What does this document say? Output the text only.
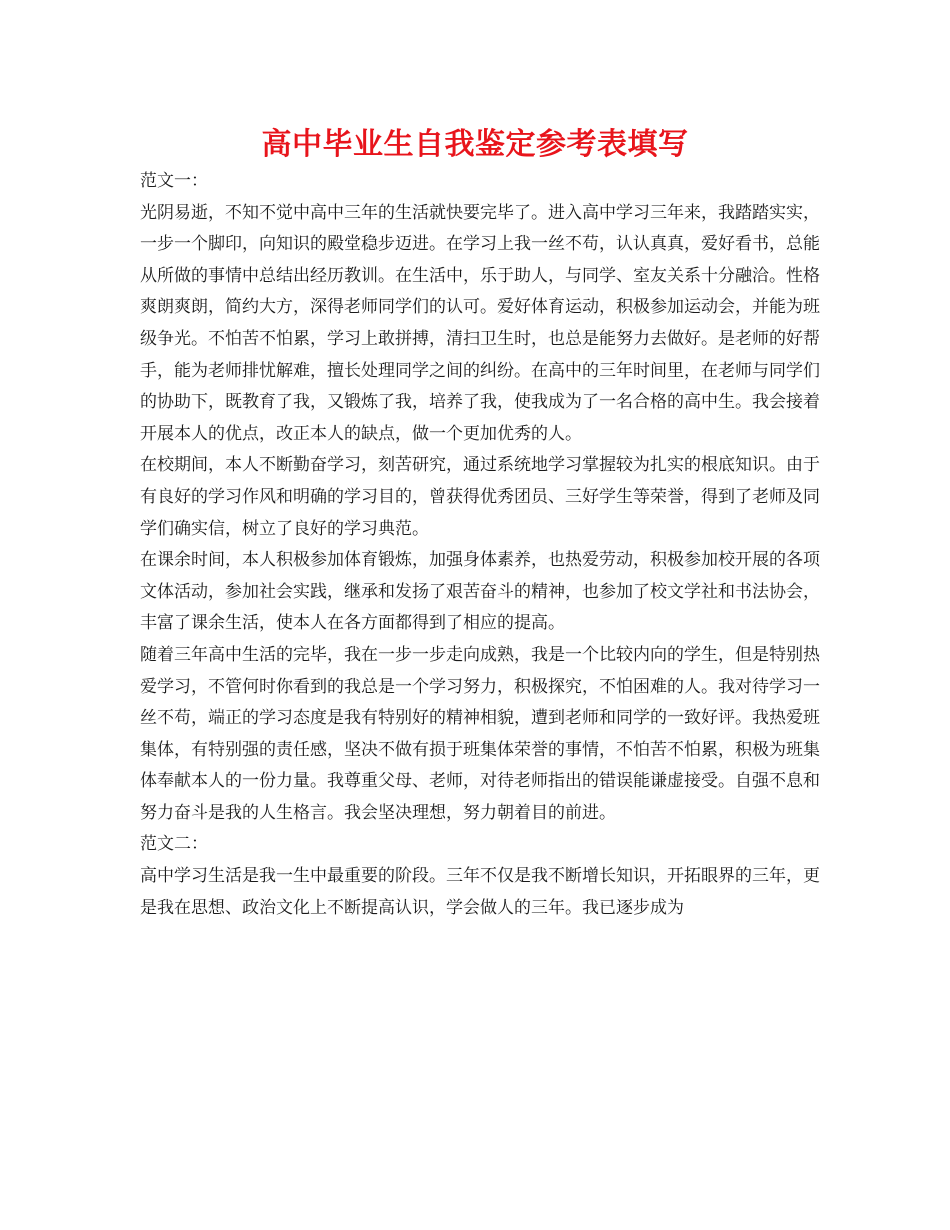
高中毕业生自我鉴定参考表填写

范文一：

光阴易逝，不知不觉中高中三年的生活就快要完毕了。进入高中学习三年来，我踏踏实实，一步一个脚印，向知识的殿堂稳步迈进。在学习上我一丝不苟，认认真真，爱好看书，总能从所做的事情中总结出经历教训。在生活中，乐于助人，与同学、室友关系十分融洽。性格爽朗爽朗，简约大方，深得老师同学们的认可。爱好体育运动，积极参加运动会，并能为班级争光。不怕苦不怕累，学习上敢拼搏，清扫卫生时，也总是能努力去做好。是老师的好帮手，能为老师排忧解难，擅长处理同学之间的纠纷。在高中的三年时间里，在老师与同学们的协助下，既教育了我，又锻炼了我，培养了我，使我成为了一名合格的高中生。我会接着开展本人的优点，改正本人的缺点，做一个更加优秀的人。

在校期间，本人不断勤奋学习，刻苦研究，通过系统地学习掌握较为扎实的根底知识。由于有良好的学习作风和明确的学习目的，曾获得优秀团员、三好学生等荣誉，得到了老师及同学们确实信，树立了良好的学习典范。

在课余时间，本人积极参加体育锻炼，加强身体素养，也热爱劳动，积极参加校开展的各项文体活动，参加社会实践，继承和发扬了艰苦奋斗的精神，也参加了校文学社和书法协会，丰富了课余生活，使本人在各方面都得到了相应的提高。

随着三年高中生活的完毕，我在一步一步走向成熟，我是一个比较内向的学生，但是特别热爱学习，不管何时你看到的我总是一个学习努力，积极探究，不怕困难的人。我对待学习一丝不苟，端正的学习态度是我有特别好的精神相貌，遭到老师和同学的一致好评。我热爱班集体，有特别强的责任感，坚决不做有损于班集体荣誉的事情，不怕苦不怕累，积极为班集体奉献本人的一份力量。我尊重父母、老师，对待老师指出的错误能谦虚接受。自强不息和努力奋斗是我的人生格言。我会坚决理想，努力朝着目的前进。

范文二：

高中学习生活是我一生中最重要的阶段。三年不仅是我不断增长知识，开拓眼界的三年，更是我在思想、政治文化上不断提高认识，学会做人的三年。我已逐步成为
